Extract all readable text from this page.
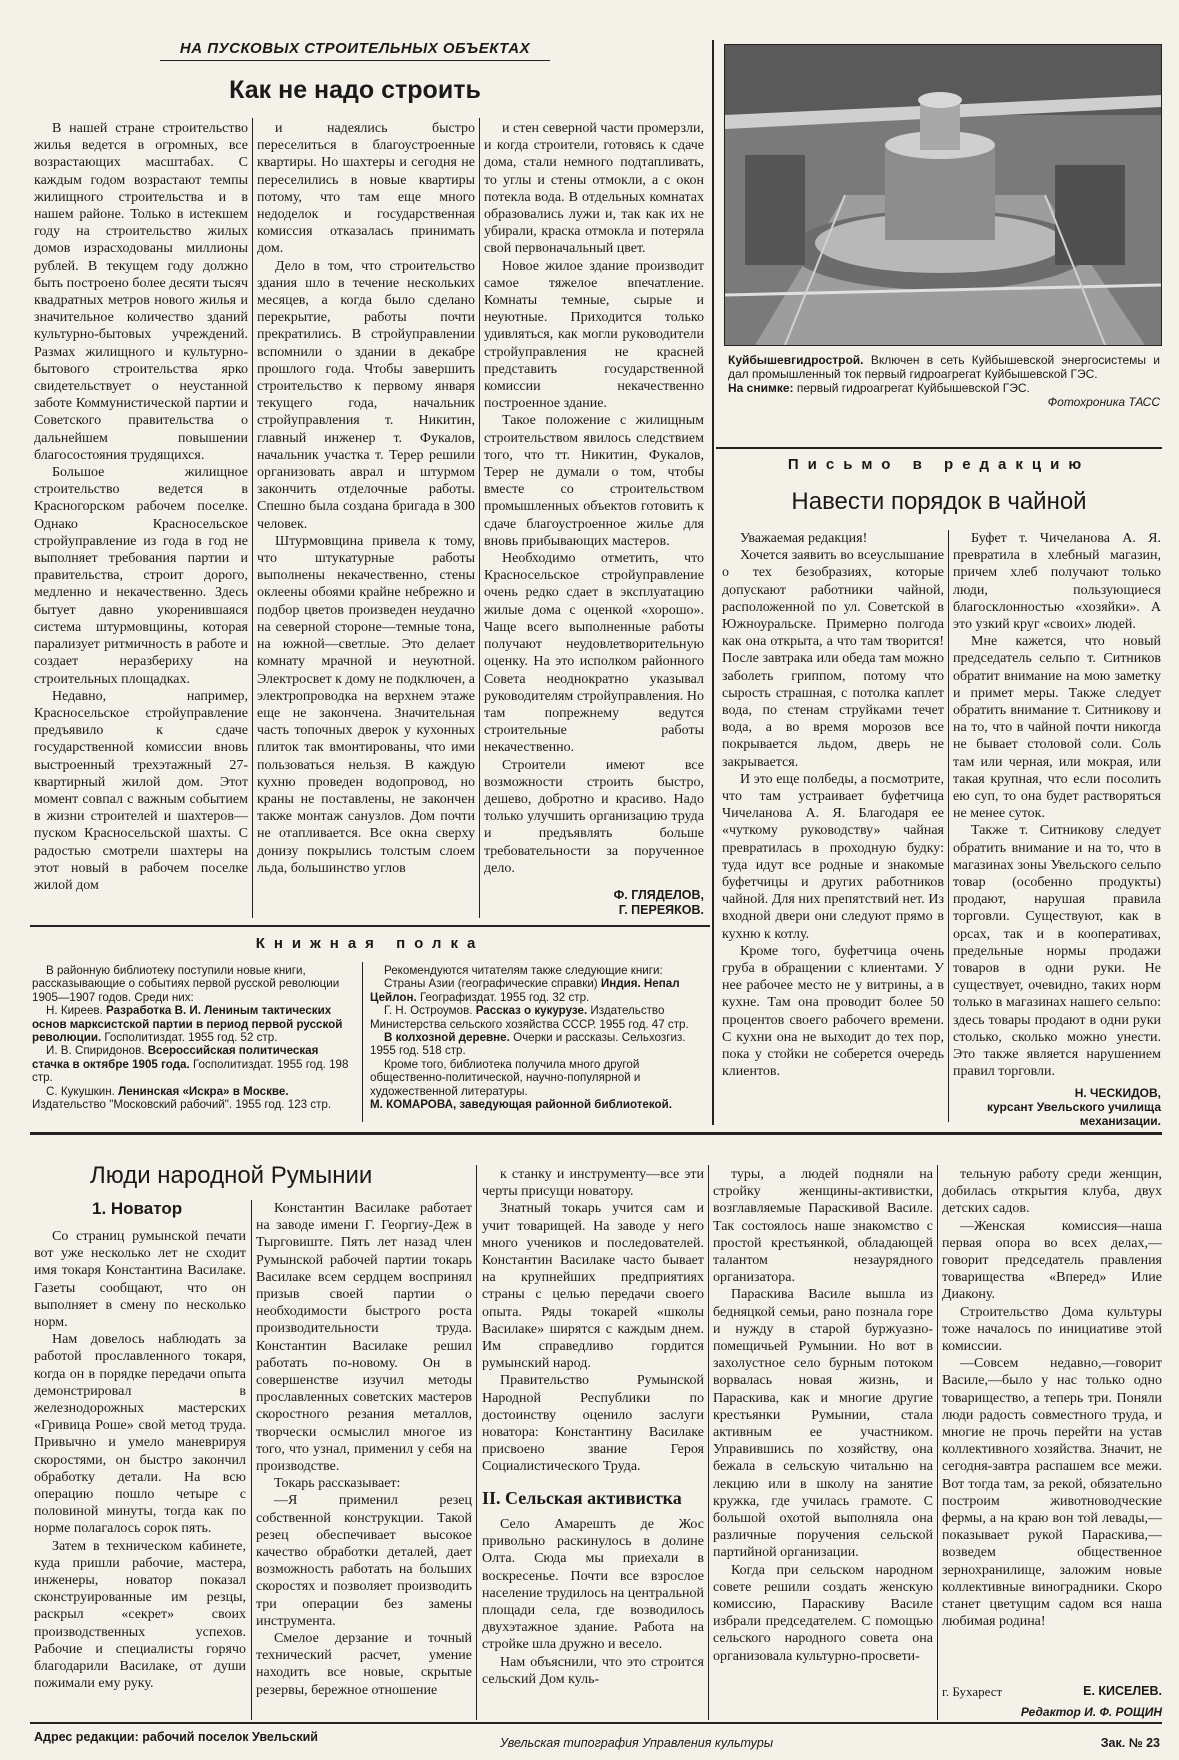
НА ПУСКОВЫХ СТРОИТЕЛЬНЫХ ОБЪЕКТАХ
Как не надо строить

В нашей стране строительство жилья ведется в огромных, все возрастающих масштабах. С каждым годом возрастают темпы жилищного строительства и в нашем районе. Только в истекшем году на строительство жилых домов израсходованы миллионы рублей. В текущем году должно быть построено более десяти тысяч квадратных метров нового жилья и значительное количество зданий культурно-бытовых учреждений. Размах жилищного и культурно-бытового строительства ярко свидетельствует о неустанной заботе Коммунистической партии и Советского правительства о дальнейшем повышении благосостояния трудящихся.

Большое жилищное строительство ведется в Красногорском рабочем поселке. Однако Красносельское стройуправление из года в год не выполняет требования партии и правительства, строит дорого, медленно и некачественно. Здесь бытует давно укоренившаяся система штурмовщины, которая парализует ритмичность в работе и создает неразбериху на строительных площадках.

Недавно, например, Красносельское стройуправление предъявило к сдаче государственной комиссии вновь выстроенный трехэтажный 27-квартирный жилой дом. Этот момент совпал с важным событием в жизни строителей и шахтеров—пуском Красносельской шахты. С радостью смотрели шахтеры на этот новый в рабочем поселке жилой дом

и надеялись быстро переселиться в благоустроенные квартиры. Но шахтеры и сегодня не переселились в новые квартиры потому, что там еще много недоделок и государственная комиссия отказалась принимать дом.

Дело в том, что строительство здания шло в течение нескольких месяцев, а когда было сделано перекрытие, работы почти прекратились. В стройуправлении вспомнили о здании в декабре прошлого года. Чтобы завершить строительство к первому января текущего года, начальник стройуправления т. Никитин, главный инженер т. Фукалов, начальник участка т. Терер решили организовать аврал и штурмом закончить отделочные работы. Спешно была создана бригада в 300 человек.

Штурмовщина привела к тому, что штукатурные работы выполнены некачественно, стены оклеены обоями крайне небрежно и подбор цветов произведен неудачно на северной стороне—темные тона, на южной—светлые. Это делает комнату мрачной и неуютной. Электросвет к дому не подключен, а электропроводка на верхнем этаже еще не закончена. Значительная часть топочных дверок у кухонных плиток так вмонтированы, что ими пользоваться нельзя. В каждую кухню проведен водопровод, но краны не поставлены, не закончен также монтаж санузлов. Дом почти не отапливается. Все окна сверху донизу покрылись толстым слоем льда, большинство углов

и стен северной части промерзли, и когда строители, готовясь к сдаче дома, стали немного подтапливать, то углы и стены отмокли, а с окон потекла вода. В отдельных комнатах образовались лужи и, так как их не убирали, краска отмокла и потеряла свой первоначальный цвет.

Новое жилое здание производит самое тяжелое впечатление. Комнаты темные, сырые и неуютные. Приходится только удивляться, как могли руководители стройуправления не красней представить государственной комиссии некачественно построенное здание.

Такое положение с жилищным строительством явилось следствием того, что тт. Никитин, Фукалов, Терер не думали о том, чтобы вместе со строительством промышленных объектов готовить к сдаче благоустроенное жилье для вновь прибывающих мастеров.

Необходимо отметить, что Красносельское стройуправление очень редко сдает в эксплуатацию жилые дома с оценкой «хорошо». Чаще всего выполненные работы получают неудовлетворительную оценку. На это исполком районного Совета неоднократно указывал руководителям стройуправления. Но там попрежнему ведутся строительные работы некачественно.

Строители имеют все возможности строить быстро, дешево, добротно и красиво. Надо только улучшить организацию труда и предъявлять больше требовательности за порученное дело.

Ф. ГЛЯДЕЛОВ,
Г. ПЕРЕЯКОВ.
Куйбышевгидрострой. Включен в сеть Куйбышевской энергосистемы и дал промышленный ток первый гидроагрегат Куйбышевской ГЭС.
На снимке: первый гидроагрегат Куйбышевской ГЭС.
Фотохроника ТАСС
Письмо в редакцию
Навести порядок в чайной

Уважаемая редакция!

Хочется заявить во всеуслышание о тех безобразиях, которые допускают работники чайной, расположенной по ул. Советской в Южноуральске. Примерно полгода как она открыта, а что там творится! После завтрака или обеда там можно заболеть гриппом, потому что сырость страшная, с потолка каплет вода, по стенам струйками течет вода, а во время морозов все покрывается льдом, дверь не закрывается.

И это еще полбеды, а посмотрите, что там устраивает буфетчица Чичеланова А. Я. Благодаря ее «чуткому руководству» чайная превратилась в проходную будку: туда идут все родные и знакомые буфетчицы и других работников чайной. Для них препятствий нет. Из входной двери они следуют прямо в кухню к котлу.

Кроме того, буфетчица очень груба в обращении с клиентами. У нее рабочее место не у витрины, а в кухне. Там она проводит более 50 процентов своего рабочего времени. С кухни она не выходит до тех пор, пока у стойки не соберется очередь клиентов.

Буфет т. Чичеланова А. Я. превратила в хлебный магазин, причем хлеб получают только люди, пользующиеся благосклонностью «хозяйки». А это узкий круг «своих» людей.

Мне кажется, что новый председатель сельпо т. Ситников обратит внимание на мою заметку и примет меры. Также следует обратить внимание т. Ситникову и на то, что в чайной почти никогда не бывает столовой соли. Соль там или черная, или мокрая, или такая крупная, что если посолить ею суп, то она будет растворяться не менее суток.

Также т. Ситникову следует обратить внимание и на то, что в магазинах зоны Увельского сельпо товар (особенно продукты) продают, нарушая правила торговли. Существуют, как в орсах, так и в кооперативах, предельные нормы продажи товаров в одни руки. Не существует, очевидно, таких норм только в магазинах нашего сельпо: здесь товары продают в одни руки столько, сколько можно унести. Это также является нарушением правил торговли.

Н. ЧЕСКИДОВ,
курсант Увельского училища механизации.
Книжная полка

В районную библиотеку поступили новые книги, рассказывающие о событиях первой русской революции 1905—1907 годов. Среди них:

Н. Киреев. Разработка В. И. Лениным тактических основ марксистской партии в период первой русской революции. Госполитиздат. 1955 год. 52 стр.

И. В. Спиридонов. Всероссийская политическая стачка в октябре 1905 года. Госполитиздат. 1955 год. 198 стр.

С. Кукушкин. Ленинская «Искра» в Москве. Издательство "Московский рабочий". 1955 год. 123 стр.

Рекомендуются читателям также следующие книги:

Страны Азии (географические справки) Индия. Непал Цейлон. Географиздат. 1955 год. 32 стр.

Г. Н. Остроумов. Рассказ о кукурузе. Издательство Министерства сельского хозяйства СССР. 1955 год. 47 стр.

В колхозной деревне. Очерки и рассказы. Сельхозгиз. 1955 год. 518 стр.

Кроме того, библиотека получила много другой общественно-политической, научно-популярной и художественной литературы.

М. КОМАРОВА, заведующая районной библиотекой.

Люди народной Румынии
1. Новатор

Со страниц румынской печати вот уже несколько лет не сходит имя токаря Константина Василаке. Газеты сообщают, что он выполняет в смену по несколько норм.

Нам довелось наблюдать за работой прославленного токаря, когда он в порядке передачи опыта демонстрировал в железнодорожных мастерских «Гривица Роше» свой метод труда. Привычно и умело маневрируя скоростями, он быстро закончил обработку детали. На всю операцию пошло четыре с половиной минуты, тогда как по норме полагалось сорок пять.

Затем в техническом кабинете, куда пришли рабочие, мастера, инженеры, новатор показал сконструированные им резцы, раскрыл «секрет» своих производственных успехов. Рабочие и специалисты горячо благодарили Василаке, от души пожимали ему руку.

Константин Василаке работает на заводе имени Г. Георгиу-Деж в Тырговиште. Пять лет назад член Румынской рабочей партии токарь Василаке всем сердцем воспринял призыв своей партии о необходимости быстрого роста производительности труда. Константин Василаке решил работать по-новому. Он в совершенстве изучил методы прославленных советских мастеров скоростного резания металлов, творчески осмыслил многое из того, что узнал, применил у себя на производстве.

Токарь рассказывает:

—Я применил резец собственной конструкции. Такой резец обеспечивает высокое качество обработки деталей, дает возможность работать на больших скоростях и позволяет производить три операции без замены инструмента.

Смелое дерзание и точный технический расчет, умение находить все новые, скрытые резервы, бережное отношение

к станку и инструменту—все эти черты присущи новатору.

Знатный токарь учится сам и учит товарищей. На заводе у него много учеников и последователей. Константин Василаке часто бывает на крупнейших предприятиях страны с целью передачи своего опыта. Ряды токарей «школы Василаке» ширятся с каждым днем. Им справедливо гордится румынский народ.

Правительство Румынской Народной Республики по достоинству оценило заслуги новатора: Константину Василаке присвоено звание Героя Социалистического Труда.

II. Сельская активистка

Село Амарешть де Жос привольно раскинулось в долине Олта. Сюда мы приехали в воскресенье. Почти все взрослое население трудилось на центральной площади села, где возводилось двухэтажное здание. Работа на стройке шла дружно и весело.

Нам объяснили, что это строится сельский Дом куль-

туры, а людей подняли на стройку женщины-активистки, возглавляемые Параскивой Василе. Так состоялось наше знакомство с простой крестьянкой, обладающей талантом незаурядного организатора.

Параскива Василе вышла из бедняцкой семьи, рано познала горе и нужду в старой буржуазно-помещичьей Румынии. Но вот в захолустное село бурным потоком ворвалась новая жизнь, и Параскива, как и многие другие крестьянки Румынии, стала активным ее участником. Управившись по хозяйству, она бежала в сельскую читальню на лекцию или в школу на занятие кружка, где училась грамоте. С большой охотой выполняла она различные поручения сельской партийной организации.

Когда при сельском народном совете решили создать женскую комиссию, Параскиву Василе избрали председателем. С помощью сельского народного совета она организовала культурно-просвети-

тельную работу среди женщин, добилась открытия клуба, двух детских садов.

—Женская комиссия—наша первая опора во всех делах,—говорит председатель правления товарищества «Вперед» Илие Диакону.

Строительство Дома культуры тоже началось по инициативе этой комиссии.

—Совсем недавно,—говорит Василе,—было у нас только одно товарищество, а теперь три. Поняли люди радость совместного труда, и многие не прочь перейти на устав коллективного хозяйства. Значит, не сегодня-завтра распашем все межи. Вот тогда там, за рекой, обязательно построим животноводческие фермы, а на краю вон той левады,—показывает рукой Параскива,—возведем общественное зернохранилище, заложим новые коллективные виноградники. Скоро станет цветущим садом вся наша любимая родина!

г. Бухарест	Е. КИСЕЛЕВ.
Редактор И. Ф. РОЩИН
Адрес редакции: рабочий поселок Увельский	Увельская типография Управления культуры	Зак. № 23
